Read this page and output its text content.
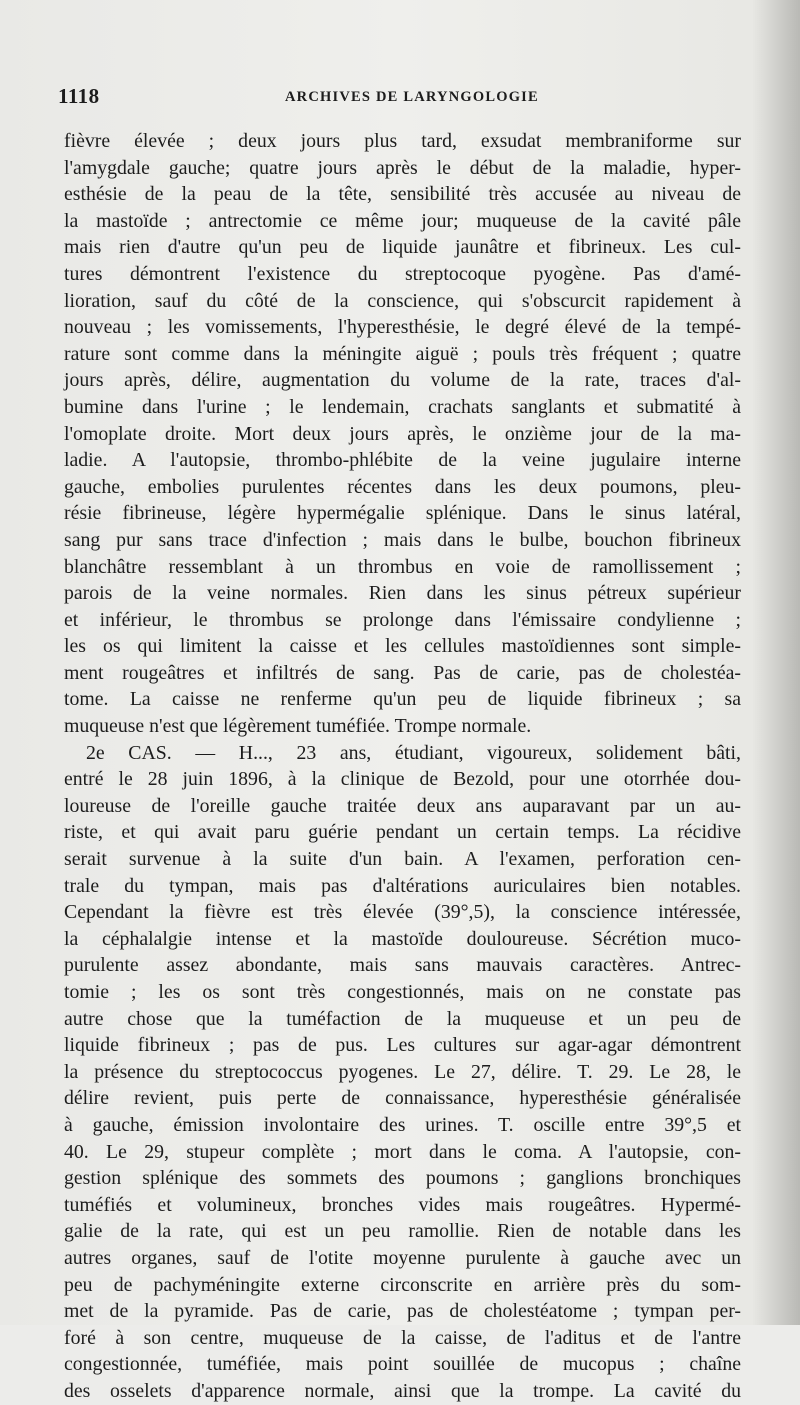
1118	ARCHIVES DE LARYNGOLOGIE
fièvre élevée ; deux jours plus tard, exsudat membraniforme sur
l'amygdale gauche; quatre jours après le début de la maladie, hyper-
esthésie de la peau de la tête, sensibilité très accusée au niveau de
la mastoïde ; antrectomie ce même jour; muqueuse de la cavité pâle
mais rien d'autre qu'un peu de liquide jaunâtre et fibrineux. Les cul-
tures démontrent l'existence du streptocoque pyogène. Pas d'amé-
lioration, sauf du côté de la conscience, qui s'obscurcit rapidement à
nouveau ; les vomissements, l'hyperesthésie, le degré élevé de la tempé-
rature sont comme dans la méningite aiguë ; pouls très fréquent ; quatre
jours après, délire, augmentation du volume de la rate, traces d'al-
bumine dans l'urine ; le lendemain, crachats sanglants et submatité à
l'omoplate droite. Mort deux jours après, le onzième jour de la ma-
ladie. A l'autopsie, thrombo-phlébite de la veine jugulaire interne
gauche, embolies purulentes récentes dans les deux poumons, pleu-
résie fibrineuse, légère hypermégalie splénique. Dans le sinus latéral,
sang pur sans trace d'infection ; mais dans le bulbe, bouchon fibrineux
blanchâtre ressemblant à un thrombus en voie de ramollissement ;
parois de la veine normales. Rien dans les sinus pétreux supérieur
et inférieur, le thrombus se prolonge dans l'émissaire condylienne ;
les os qui limitent la caisse et les cellules mastoïdiennes sont simple-
ment rougeâtres et infiltrés de sang. Pas de carie, pas de cholestéa-
tome. La caisse ne renferme qu'un peu de liquide fibrineux ; sa
muqueuse n'est que légèrement tuméfiée. Trompe normale.
2e CAS. — H..., 23 ans, étudiant, vigoureux, solidement bâti,
entré le 28 juin 1896, à la clinique de Bezold, pour une otorrhée dou-
loureuse de l'oreille gauche traitée deux ans auparavant par un au-
riste, et qui avait paru guérie pendant un certain temps. La récidive
serait survenue à la suite d'un bain. A l'examen, perforation cen-
trale du tympan, mais pas d'altérations auriculaires bien notables.
Cependant la fièvre est très élevée (39°,5), la conscience intéressée,
la céphalalgie intense et la mastoïde douloureuse. Sécrétion muco-
purulente assez abondante, mais sans mauvais caractères. Antrec-
tomie ; les os sont très congestionnés, mais on ne constate pas
autre chose que la tuméfaction de la muqueuse et un peu de
liquide fibrineux ; pas de pus. Les cultures sur agar-agar démontrent
la présence du streptococcus pyogenes. Le 27, délire. T. 29. Le 28, le
délire revient, puis perte de connaissance, hyperesthésie généralisée
à gauche, émission involontaire des urines. T. oscille entre 39°,5 et
40. Le 29, stupeur complète ; mort dans le coma. A l'autopsie, con-
gestion splénique des sommets des poumons ; ganglions bronchiques
tuméfiés et volumineux, bronches vides mais rougeâtres. Hypermé-
galie de la rate, qui est un peu ramollie. Rien de notable dans les
autres organes, sauf de l'otite moyenne purulente à gauche avec un
peu de pachyméningite externe circonscrite en arrière près du som-
met de la pyramide. Pas de carie, pas de cholestéatome ; tympan per-
foré à son centre, muqueuse de la caisse, de l'aditus et de l'antre
congestionnée, tuméfiée, mais point souillée de mucopus ; chaîne
des osselets d'apparence normale, ainsi que la trompe. La cavité du
